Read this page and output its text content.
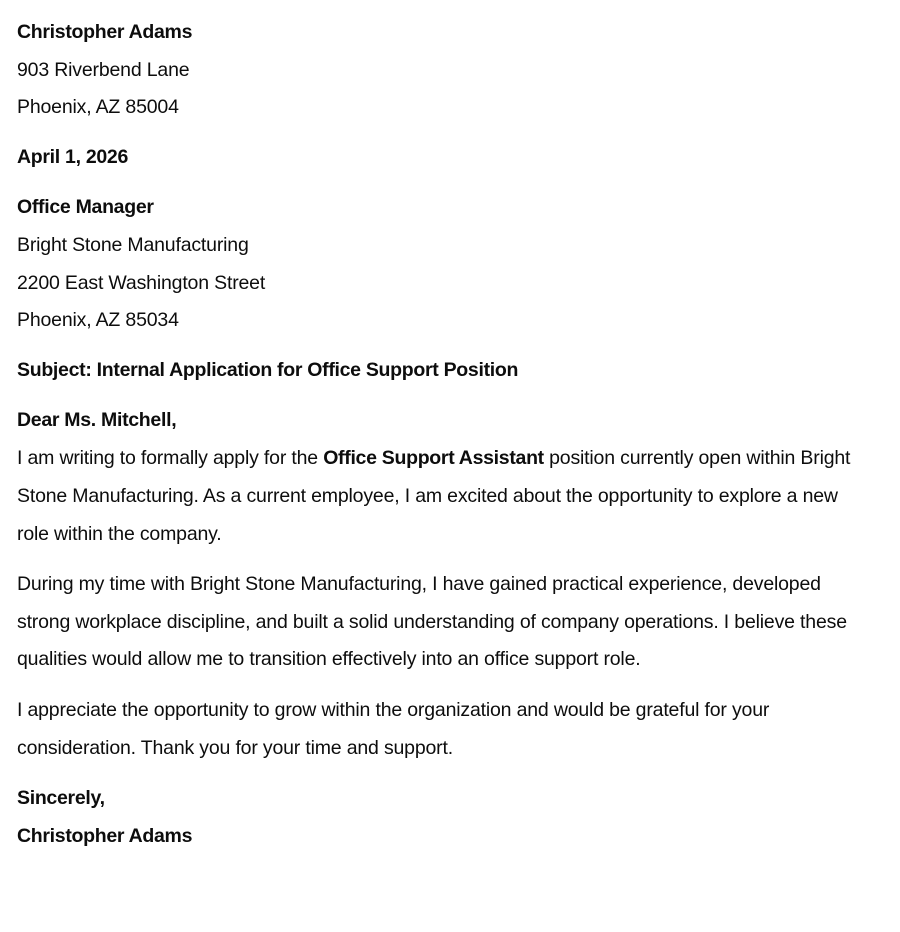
Christopher Adams
903 Riverbend Lane
Phoenix, AZ 85004
April 1, 2026
Office Manager
Bright Stone Manufacturing
2200 East Washington Street
Phoenix, AZ 85034
Subject: Internal Application for Office Support Position
Dear Ms. Mitchell,

I am writing to formally apply for the Office Support Assistant position currently open within Bright Stone Manufacturing. As a current employee, I am excited about the opportunity to explore a new role within the company.

During my time with Bright Stone Manufacturing, I have gained practical experience, developed strong workplace discipline, and built a solid understanding of company operations. I believe these qualities would allow me to transition effectively into an office support role.

I appreciate the opportunity to grow within the organization and would be grateful for your consideration. Thank you for your time and support.

Sincerely,
Christopher Adams
